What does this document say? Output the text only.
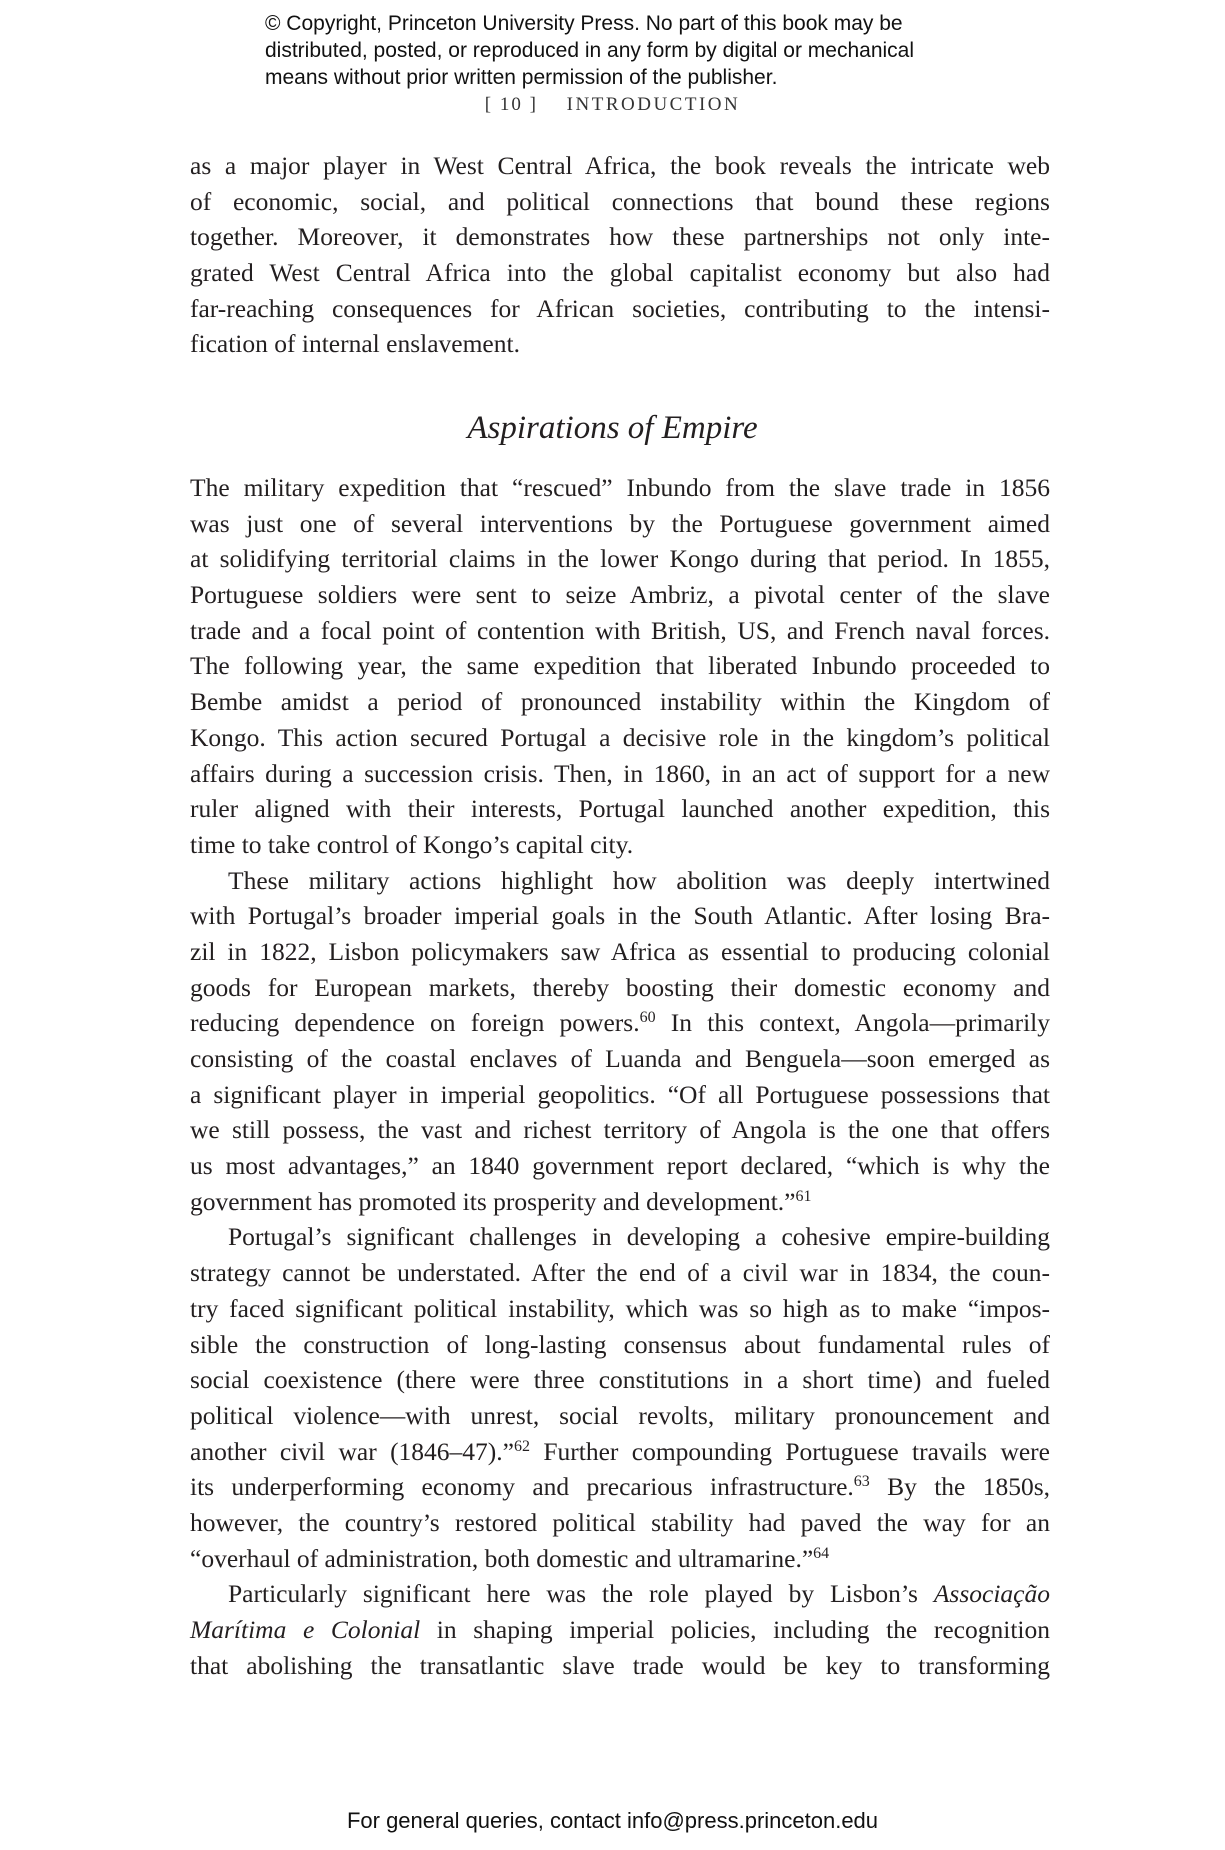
© Copyright, Princeton University Press. No part of this book may be
distributed, posted, or reproduced in any form by digital or mechanical
means without prior written permission of the publisher.
[ 10 ] INTRODUCTION
as a major player in West Central Africa, the book reveals the intricate web
of economic, social, and political connections that bound these regions
together. Moreover, it demonstrates how these partnerships not only inte-
grated West Central Africa into the global capitalist economy but also had
far-reaching consequences for African societies, contributing to the intensi-
fication of internal enslavement.
Aspirations of Empire
The military expedition that “rescued” Inbundo from the slave trade in 1856
was just one of several interventions by the Portuguese government aimed
at solidifying territorial claims in the lower Kongo during that period. In 1855,
Portuguese soldiers were sent to seize Ambriz, a pivotal center of the slave
trade and a focal point of contention with British, US, and French naval forces.
The following year, the same expedition that liberated Inbundo proceeded to
Bembe amidst a period of pronounced instability within the Kingdom of
Kongo. This action secured Portugal a decisive role in the kingdom’s political
affairs during a succession crisis. Then, in 1860, in an act of support for a new
ruler aligned with their interests, Portugal launched another expedition, this
time to take control of Kongo’s capital city.
These military actions highlight how abolition was deeply intertwined
with Portugal’s broader imperial goals in the South Atlantic. After losing Bra-
zil in 1822, Lisbon policymakers saw Africa as essential to producing colonial
goods for European markets, thereby boosting their domestic economy and
reducing dependence on foreign powers.$^{60}$ In this context, Angola—primarily
consisting of the coastal enclaves of Luanda and Benguela—soon emerged as
a significant player in imperial geopolitics. “Of all Portuguese possessions that
we still possess, the vast and richest territory of Angola is the one that offers
us most advantages,” an 1840 government report declared, “which is why the
government has promoted its prosperity and development.”$^{61}$
Portugal’s significant challenges in developing a cohesive empire-building
strategy cannot be understated. After the end of a civil war in 1834, the coun-
try faced significant political instability, which was so high as to make “impos-
sible the construction of long-lasting consensus about fundamental rules of
social coexistence (there were three constitutions in a short time) and fueled
political violence—with unrest, social revolts, military pronouncement and
another civil war (1846–47).”$^{62}$ Further compounding Portuguese travails were
its underperforming economy and precarious infrastructure.$^{63}$ By the 1850s,
however, the country’s restored political stability had paved the way for an
“overhaul of administration, both domestic and ultramarine.”$^{64}$
Particularly significant here was the role played by Lisbon’s Associação
Marítima e Colonial in shaping imperial policies, including the recognition
that abolishing the transatlantic slave trade would be key to transforming
For general queries, contact info@press.princeton.edu
